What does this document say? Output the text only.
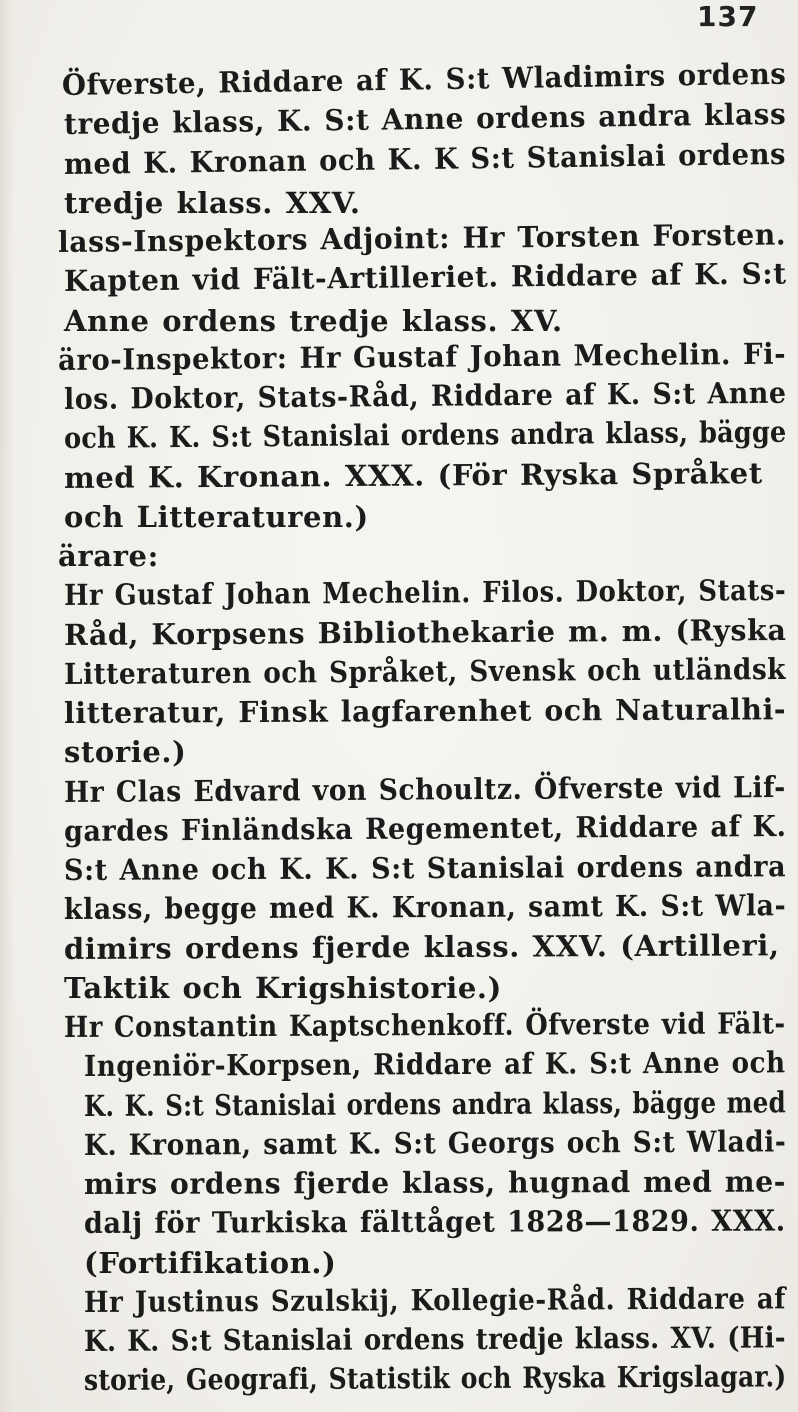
137
Öfverste, Riddare af K. S:t Wladimirs ordens
tredje klass, K. S:t Anne ordens andra klass
med K. Kronan och K. K S:t Stanislai ordens
tredje klass. XXV.
lass-Inspektors Adjoint: Hr Torsten Forsten.
Kapten vid Fält-Artilleriet. Riddare af K. S:t
Anne ordens tredje klass. XV.
äro-Inspektor: Hr Gustaf Johan Mechelin. Fi-
los. Doktor, Stats-Råd, Riddare af K. S:t Anne
och K. K. S:t Stanislai ordens andra klass, bägge
med K. Kronan. XXX. (För Ryska Språket
och Litteraturen.)
ärare:
Hr Gustaf Johan Mechelin. Filos. Doktor, Stats-
Råd, Korpsens Bibliothekarie m. m. (Ryska
Litteraturen och Språket, Svensk och utländsk
litteratur, Finsk lagfarenhet och Naturalhi-
storie.)
Hr Clas Edvard von Schoultz. Öfverste vid Lif-
gardes Finländska Regementet, Riddare af K.
S:t Anne och K. K. S:t Stanislai ordens andra
klass, begge med K. Kronan, samt K. S:t Wla-
dimirs ordens fjerde klass. XXV. (Artilleri,
Taktik och Krigshistorie.)
Hr Constantin Kaptschenkoff. Öfverste vid Fält-
Ingeniör-Korpsen, Riddare af K. S:t Anne och
K. K. S:t Stanislai ordens andra klass, bägge med
K. Kronan, samt K. S:t Georgs och S:t Wladi-
mirs ordens fjerde klass, hugnad med me-
dalj för Turkiska fälttåget 1828—1829. XXX.
(Fortifikation.)
Hr Justinus Szulskij, Kollegie-Råd. Riddare af
K. K. S:t Stanislai ordens tredje klass. XV. (Hi-
storie, Geografi, Statistik och Ryska Krigslagar.)
